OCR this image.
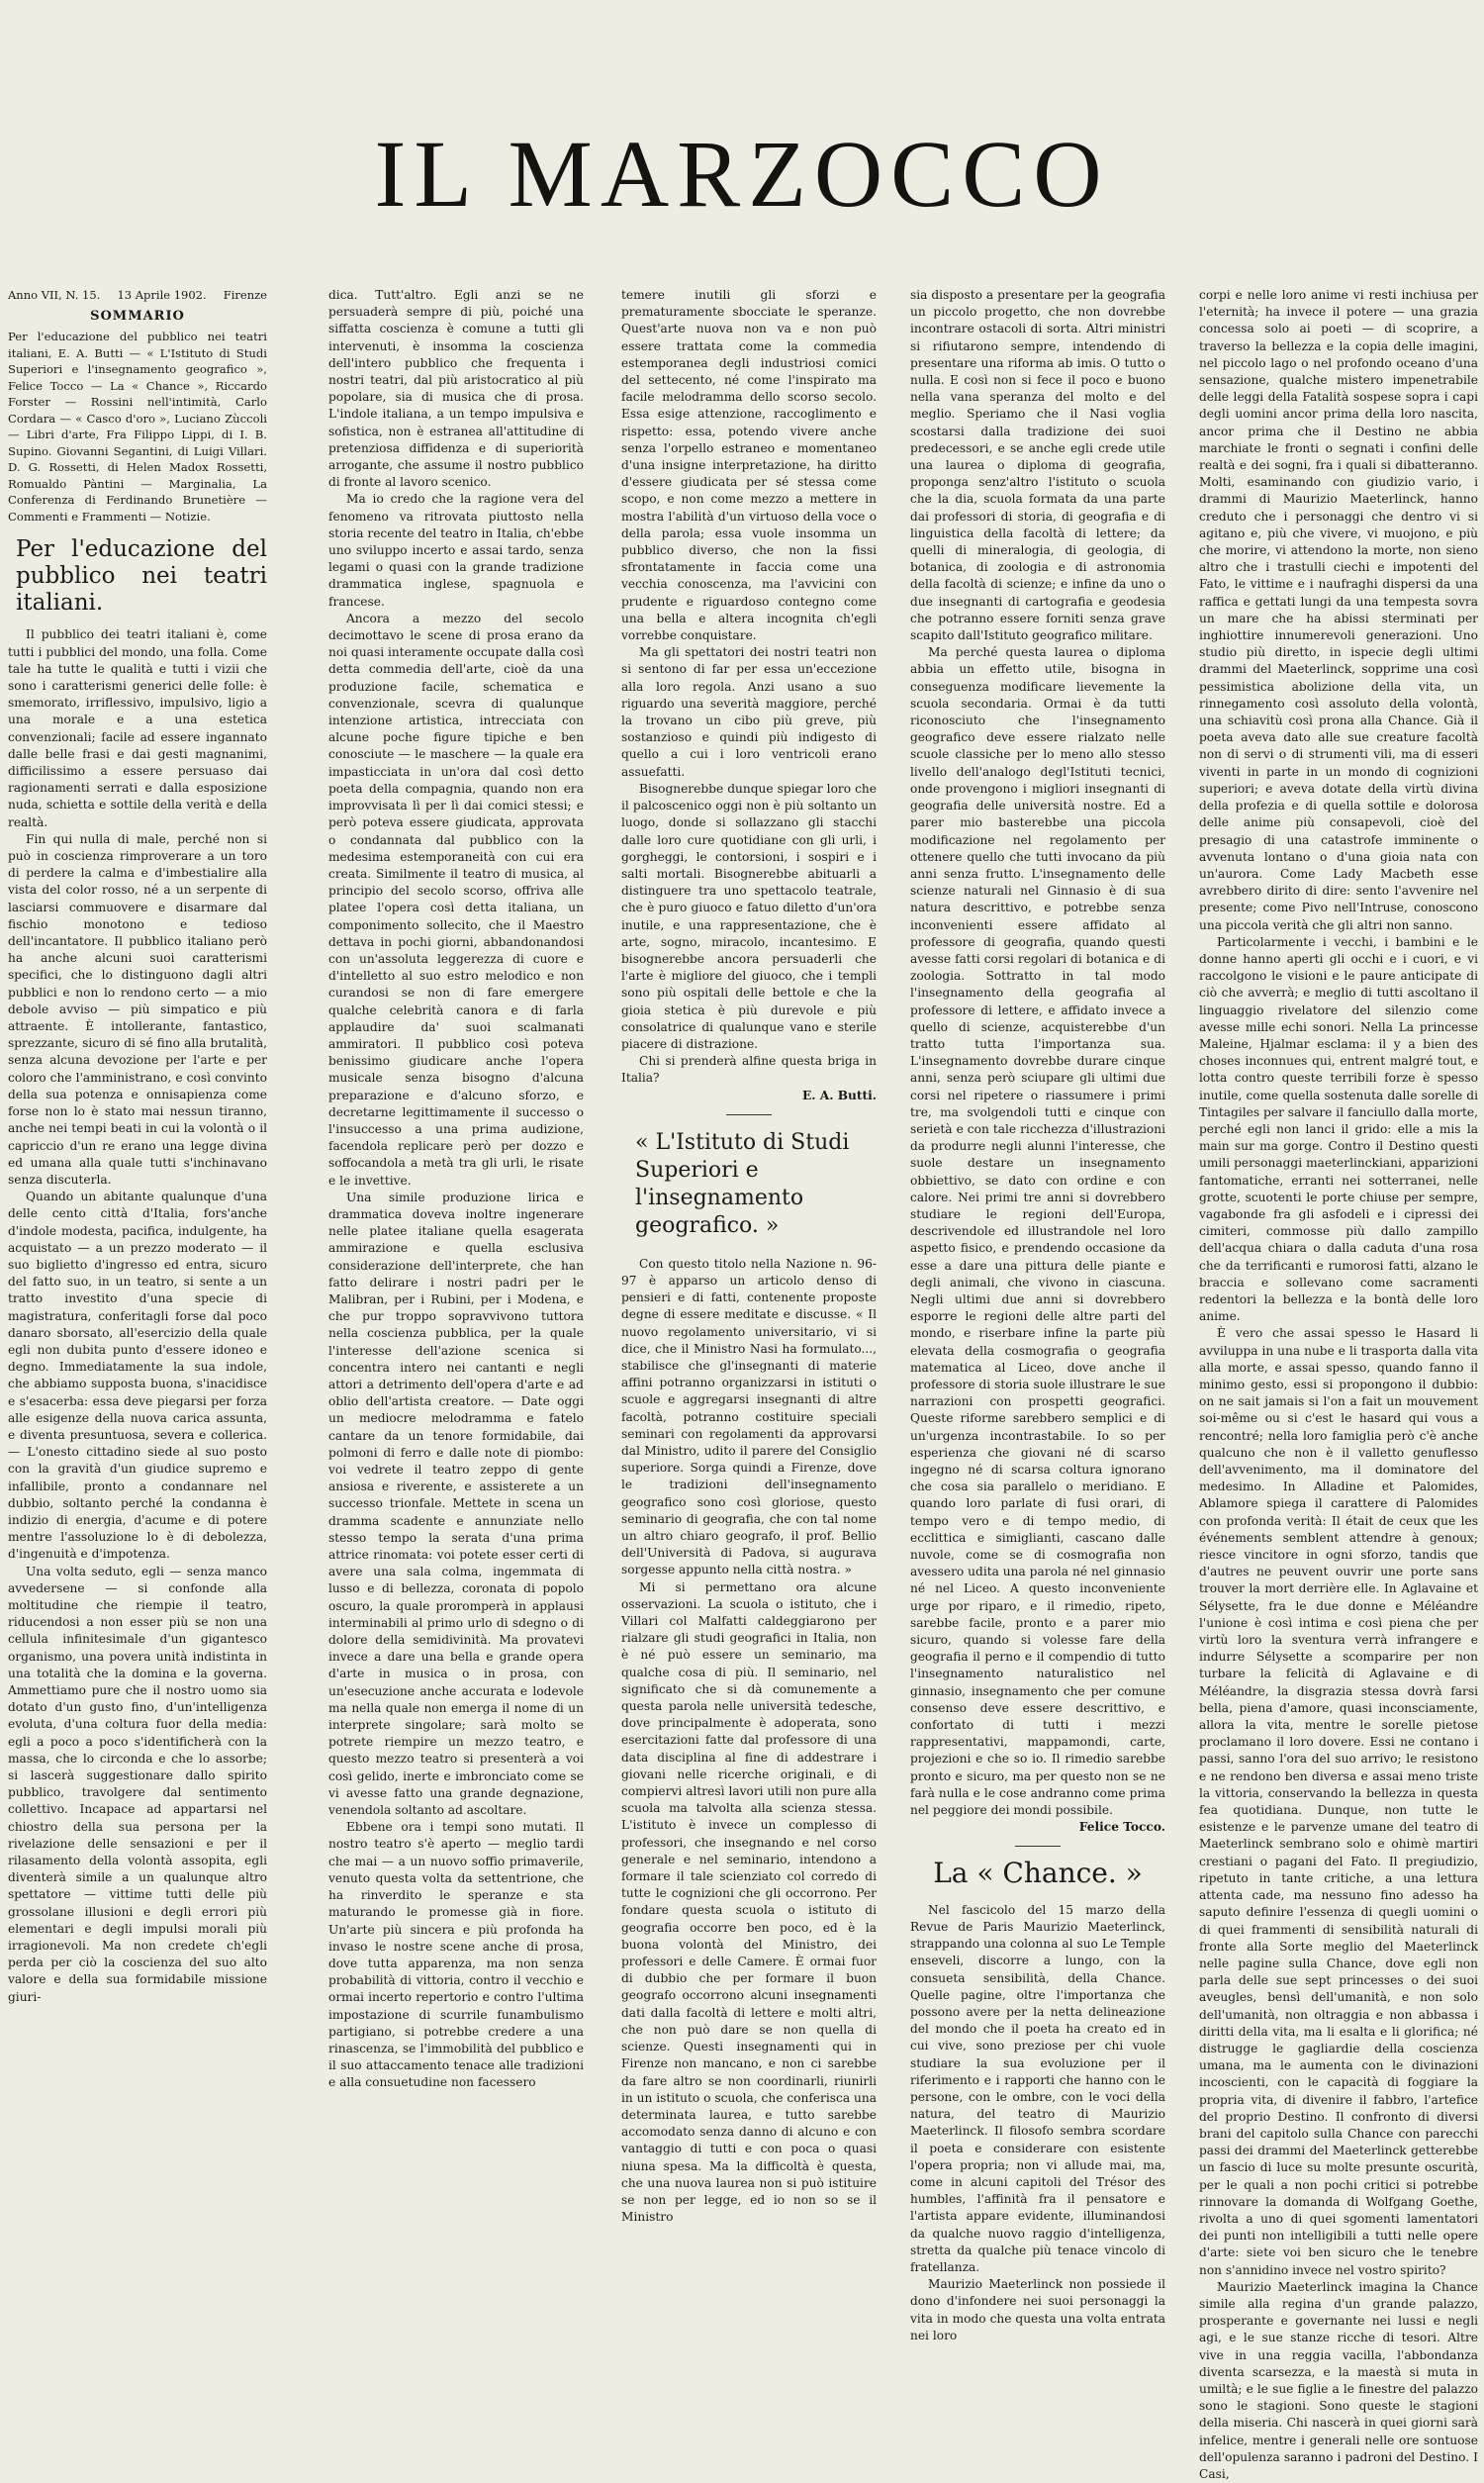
IL MARZOCCO
Anno VII, N. 15. 13 Aprile 1902. Firenze
SOMMARIO

Per l'educazione del pubblico nei teatri italiani, E. A. Butti — « L'Istituto di Studi Superiori e l'insegnamento geografico », Felice Tocco — La « Chance », Riccardo Forster — Rossini nell'intimità, Carlo Cordara — « Casco d'oro », Luciano Zùccoli — Libri d'arte, Fra Filippo Lippi, di I. B. Supino. Giovanni Segantini, di Luigi Villari. D. G. Rossetti, di Helen Madox Rossetti, Romualdo Pàntini — Marginalia, La Conferenza di Ferdinando Brunetière — Commenti e Frammenti — Notizie.

Per l'educazione del pubblico nei teatri italiani.

Il pubblico dei teatri italiani è, come tutti i pubblici del mondo, una folla. Come tale ha tutte le qualità e tutti i vizii che sono i caratterismi generici delle folle: è smemorato, irriflessivo, impulsivo, ligio a una morale e a una estetica convenzionali; facile ad essere ingannato dalle belle frasi e dai gesti magnanimi, difficilissimo a essere persuaso dai ragionamenti serrati e dalla esposizione nuda, schietta e sottile della verità e della realtà.

Fin qui nulla di male, perché non si può in coscienza rimproverare a un toro di perdere la calma e d'imbestialire alla vista del color rosso, né a un serpente di lasciarsi commuovere e disarmare dal fischio monotono e tedioso dell'incantatore. Il pubblico italiano però ha anche alcuni suoi caratterismi specifici, che lo distinguono dagli altri pubblici e non lo rendono certo — a mio debole avviso — più simpatico e più attraente. È intollerante, fantastico, sprezzante, sicuro di sé fino alla brutalità, senza alcuna devozione per l'arte e per coloro che l'amministrano, e così convinto della sua potenza e onnisapienza come forse non lo è stato mai nessun tiranno, anche nei tempi beati in cui la volontà o il capriccio d'un re erano una legge divina ed umana alla quale tutti s'inchinavano senza discuterla.

Quando un abitante qualunque d'una delle cento città d'Italia, fors'anche d'indole modesta, pacifica, indulgente, ha acquistato — a un prezzo moderato — il suo biglietto d'ingresso ed entra, sicuro del fatto suo, in un teatro, si sente a un tratto investito d'una specie di magistratura, conferitagli forse dal poco danaro sborsato, all'esercizio della quale egli non dubita punto d'essere idoneo e degno. Immediatamente la sua indole, che abbiamo supposta buona, s'inacidisce e s'esacerba: essa deve piegarsi per forza alle esigenze della nuova carica assunta, e diventa presuntuosa, severa e collerica. — L'onesto cittadino siede al suo posto con la gravità d'un giudice supremo e infallibile, pronto a condannare nel dubbio, soltanto perché la condanna è indizio di energia, d'acume e di potere mentre l'assoluzione lo è di debolezza, d'ingenuità e d'impotenza.

Una volta seduto, egli — senza manco avvedersene — si confonde alla moltitudine che riempie il teatro, riducendosi a non esser più se non una cellula infinitesimale d'un gigantesco organismo, una povera unità indistinta in una totalità che la domina e la governa. Ammettiamo pure che il nostro uomo sia dotato d'un gusto fino, d'un'intelligenza evoluta, d'una coltura fuor della media: egli a poco a poco s'identificherà con la massa, che lo circonda e che lo assorbe; si lascerà suggestionare dallo spirito pubblico, travolgere dal sentimento collettivo. Incapace ad appartarsi nel chiostro della sua persona per la rivelazione delle sensazioni e per il rilasamento della volontà assopita, egli diventerà simile a un qualunque altro spettatore — vittime tutti delle più grossolane illusioni e degli errori più elementari e degli impulsi morali più irragionevoli. Ma non credete ch'egli perda per ciò la coscienza del suo alto valore e della sua formidabile missione giuri-

dica. Tutt'altro. Egli anzi se ne persuaderà sempre di più, poiché una siffatta coscienza è comune a tutti gli intervenuti, è insomma la coscienza dell'intero pubblico che frequenta i nostri teatri, dal più aristocratico al più popolare, sia di musica che di prosa. L'indole italiana, a un tempo impulsiva e sofistica, non è estranea all'attitudine di pretenziosa diffidenza e di superiorità arrogante, che assume il nostro pubblico di fronte al lavoro scenico.

Ma io credo che la ragione vera del fenomeno va ritrovata piuttosto nella storia recente del teatro in Italia, ch'ebbe uno sviluppo incerto e assai tardo, senza legami o quasi con la grande tradizione drammatica inglese, spagnuola e francese.

Ancora a mezzo del secolo decimottavo le scene di prosa erano da noi quasi interamente occupate dalla così detta commedia dell'arte, cioè da una produzione facile, schematica e convenzionale, scevra di qualunque intenzione artistica, intrecciata con alcune poche figure tipiche e ben conosciute — le maschere — la quale era impasticciata in un'ora dal così detto poeta della compagnia, quando non era improvvisata lì per lì dai comici stessi; e però poteva essere giudicata, approvata o condannata dal pubblico con la medesima estemporaneità con cui era creata. Similmente il teatro di musica, al principio del secolo scorso, offriva alle platee l'opera così detta italiana, un componimento sollecito, che il Maestro dettava in pochi giorni, abbandonandosi con un'assoluta leggerezza di cuore e d'intelletto al suo estro melodico e non curandosi se non di fare emergere qualche celebrità canora e di farla applaudire da' suoi scalmanati ammiratori. Il pubblico così poteva benissimo giudicare anche l'opera musicale senza bisogno d'alcuna preparazione e d'alcuno sforzo, e decretarne legittimamente il successo o l'insuccesso a una prima audizione, facendola replicare però per dozzo e soffocandola a metà tra gli urli, le risate e le invettive.

Una simile produzione lirica e drammatica doveva inoltre ingenerare nelle platee italiane quella esagerata ammirazione e quella esclusiva considerazione dell'interprete, che han fatto delirare i nostri padri per le Malibran, per i Rubini, per i Modena, e che pur troppo sopravvivono tuttora nella coscienza pubblica, per la quale l'interesse dell'azione scenica si concentra intero nei cantanti e negli attori a detrimento dell'opera d'arte e ad oblio dell'artista creatore. — Date oggi un mediocre melodramma e fatelo cantare da un tenore formidabile, dai polmoni di ferro e dalle note di piombo: voi vedrete il teatro zeppo di gente ansiosa e riverente, e assisterete a un successo trionfale. Mettete in scena un dramma scadente e annunziate nello stesso tempo la serata d'una prima attrice rinomata: voi potete esser certi di avere una sala colma, ingemmata di lusso e di bellezza, coronata di popolo oscuro, la quale proromperà in applausi interminabili al primo urlo di sdegno o di dolore della semidivinità. Ma provatevi invece a dare una bella e grande opera d'arte in musica o in prosa, con un'esecuzione anche accurata e lodevole ma nella quale non emerga il nome di un interprete singolare; sarà molto se potrete riempire un mezzo teatro, e questo mezzo teatro si presenterà a voi così gelido, inerte e imbronciato come se vi avesse fatto una grande degnazione, venendola soltanto ad ascoltare.

Ebbene ora i tempi sono mutati. Il nostro teatro s'è aperto — meglio tardi che mai — a un nuovo soffio primaverile, venuto questa volta da settentrione, che ha rinverdito le speranze e sta maturando le promesse già in fiore. Un'arte più sincera e più profonda ha invaso le nostre scene anche di prosa, dove tutta apparenza, ma non senza probabilità di vittoria, contro il vecchio e ormai incerto repertorio e contro l'ultima impostazione di scurrile funambulismo partigiano, si potrebbe credere a una rinascenza, se l'immobilità del pubblico e il suo attaccamento tenace alle tradizioni e alla consuetudine non facessero

temere inutili gli sforzi e prematuramente sbocciate le speranze. Quest'arte nuova non va e non può essere trattata come la commedia estemporanea degli industriosi comici del settecento, né come l'inspirato ma facile melodramma dello scorso secolo. Essa esige attenzione, raccoglimento e rispetto: essa, potendo vivere anche senza l'orpello estraneo e momentaneo d'una insigne interpretazione, ha diritto d'essere giudicata per sé stessa come scopo, e non come mezzo a mettere in mostra l'abilità d'un virtuoso della voce o della parola; essa vuole insomma un pubblico diverso, che non la fissi sfrontatamente in faccia come una vecchia conoscenza, ma l'avvicini con prudente e riguardoso contegno come una bella e altera incognita ch'egli vorrebbe conquistare.

Ma gli spettatori dei nostri teatri non si sentono di far per essa un'eccezione alla loro regola. Anzi usano a suo riguardo una severità maggiore, perché la trovano un cibo più greve, più sostanzioso e quindi più indigesto di quello a cui i loro ventricoli erano assuefatti.

Bisognerebbe dunque spiegar loro che il palcoscenico oggi non è più soltanto un luogo, donde si sollazzano gli stacchi dalle loro cure quotidiane con gli urli, i gorgheggi, le contorsioni, i sospiri e i salti mortali. Bisognerebbe abituarli a distinguere tra uno spettacolo teatrale, che è puro giuoco e fatuo diletto d'un'ora inutile, e una rappresentazione, che è arte, sogno, miracolo, incantesimo. E bisognerebbe ancora persuaderli che l'arte è migliore del giuoco, che i templi sono più ospitali delle bettole e che la gioia stetica è più durevole e più consolatrice di qualunque vano e sterile piacere di distrazione.

Chi si prenderà alfine questa briga in Italia?

E. A. Butti.

« L'Istituto di Studi Superiori e l'insegnamento geografico. »

Con questo titolo nella Nazione n. 96-97 è apparso un articolo denso di pensieri e di fatti, contenente proposte degne di essere meditate e discusse. « Il nuovo regolamento universitario, vi si dice, che il Ministro Nasi ha formulato..., stabilisce che gl'insegnanti di materie affini potranno organizzarsi in istituti o scuole e aggregarsi insegnanti di altre facoltà, potranno costituire speciali seminari con regolamenti da approvarsi dal Ministro, udito il parere del Consiglio superiore. Sorga quindi a Firenze, dove le tradizioni dell'insegnamento geografico sono così gloriose, questo seminario di geografia, che con tal nome un altro chiaro geografo, il prof. Bellio dell'Università di Padova, si augurava sorgesse appunto nella città nostra. »

Mi si permettano ora alcune osservazioni. La scuola o istituto, che i Villari col Malfatti caldeggiarono per rialzare gli studi geografici in Italia, non è né può essere un seminario, ma qualche cosa di più. Il seminario, nel significato che si dà comunemente a questa parola nelle università tedesche, dove principalmente è adoperata, sono esercitazioni fatte dal professore di una data disciplina al fine di addestrare i giovani nelle ricerche originali, e di compiervi altresì lavori utili non pure alla scuola ma talvolta alla scienza stessa. L'istituto è invece un complesso di professori, che insegnando e nel corso generale e nel seminario, intendono a formare il tale scienziato col corredo di tutte le cognizioni che gli occorrono. Per fondare questa scuola o istituto di geografia occorre ben poco, ed è la buona volontà del Ministro, dei professori e delle Camere. È ormai fuor di dubbio che per formare il buon geografo occorrono alcuni insegnamenti dati dalla facoltà di lettere e molti altri, che non può dare se non quella di scienze. Questi insegnamenti qui in Firenze non mancano, e non ci sarebbe da fare altro se non coordinarli, riunirli in un istituto o scuola, che conferisca una determinata laurea, e tutto sarebbe accomodato senza danno di alcuno e con vantaggio di tutti e con poca o quasi niuna spesa. Ma la difficoltà è questa, che una nuova laurea non si può istituire se non per legge, ed io non so se il Ministro

sia disposto a presentare per la geografia un piccolo progetto, che non dovrebbe incontrare ostacoli di sorta. Altri ministri si rifiutarono sempre, intendendo di presentare una riforma ab imis. O tutto o nulla. E così non si fece il poco e buono nella vana speranza del molto e del meglio. Speriamo che il Nasi voglia scostarsi dalla tradizione dei suoi predecessori, e se anche egli crede utile una laurea o diploma di geografia, proponga senz'altro l'istituto o scuola che la dia, scuola formata da una parte dai professori di storia, di geografia e di linguistica della facoltà di lettere; da quelli di mineralogia, di geologia, di botanica, di zoologia e di astronomia della facoltà di scienze; e infine da uno o due insegnanti di cartografia e geodesia che potranno essere forniti senza grave scapito dall'Istituto geografico militare.

Ma perché questa laurea o diploma abbia un effetto utile, bisogna in conseguenza modificare lievemente la scuola secondaria. Ormai è da tutti riconosciuto che l'insegnamento geografico deve essere rialzato nelle scuole classiche per lo meno allo stesso livello dell'analogo degl'Istituti tecnici, onde provengono i migliori insegnanti di geografia delle università nostre. Ed a parer mio basterebbe una piccola modificazione nel regolamento per ottenere quello che tutti invocano da più anni senza frutto. L'insegnamento delle scienze naturali nel Ginnasio è di sua natura descrittivo, e potrebbe senza inconvenienti essere affidato al professore di geografia, quando questi avesse fatti corsi regolari di botanica e di zoologia. Sottratto in tal modo l'insegnamento della geografia al professore di lettere, e affidato invece a quello di scienze, acquisterebbe d'un tratto tutta l'importanza sua. L'insegnamento dovrebbe durare cinque anni, senza però sciupare gli ultimi due corsi nel ripetere o riassumere i primi tre, ma svolgendoli tutti e cinque con serietà e con tale ricchezza d'illustrazioni da produrre negli alunni l'interesse, che suole destare un insegnamento obbiettivo, se dato con ordine e con calore. Nei primi tre anni si dovrebbero studiare le regioni dell'Europa, descrivendole ed illustrandole nel loro aspetto fisico, e prendendo occasione da esse a dare una pittura delle piante e degli animali, che vivono in ciascuna. Negli ultimi due anni si dovrebbero esporre le regioni delle altre parti del mondo, e riserbare infine la parte più elevata della cosmografia o geografia matematica al Liceo, dove anche il professore di storia suole illustrare le sue narrazioni con prospetti geografici. Queste riforme sarebbero semplici e di un'urgenza incontrastabile. Io so per esperienza che giovani né di scarso ingegno né di scarsa coltura ignorano che cosa sia parallelo o meridiano. E quando loro parlate di fusi orari, di tempo vero e di tempo medio, di ecclittica e simiglianti, cascano dalle nuvole, come se di cosmografia non avessero udita una parola né nel ginnasio né nel Liceo. A questo inconveniente urge por riparo, e il rimedio, ripeto, sarebbe facile, pronto e a parer mio sicuro, quando si volesse fare della geografia il perno e il compendio di tutto l'insegnamento naturalistico nel ginnasio, insegnamento che per comune consenso deve essere descrittivo, e confortato di tutti i mezzi rappresentativi, mappamondi, carte, projezioni e che so io. Il rimedio sarebbe pronto e sicuro, ma per questo non se ne farà nulla e le cose andranno come prima nel peggiore dei mondi possibile.

Felice Tocco.

La « Chance. »

Nel fascicolo del 15 marzo della Revue de Paris Maurizio Maeterlinck, strappando una colonna al suo Le Temple enseveli, discorre a lungo, con la consueta sensibilità, della Chance. Quelle pagine, oltre l'importanza che possono avere per la netta delineazione del mondo che il poeta ha creato ed in cui vive, sono preziose per chi vuole studiare la sua evoluzione per il riferimento e i rapporti che hanno con le persone, con le ombre, con le voci della natura, del teatro di Maurizio Maeterlinck. Il filosofo sembra scordare il poeta e considerare con esistente l'opera propria; non vi allude mai, ma, come in alcuni capitoli del Trésor des humbles, l'affinità fra il pensatore e l'artista appare evidente, illuminandosi da qualche nuovo raggio d'intelligenza, stretta da qualche più tenace vincolo di fratellanza.

Maurizio Maeterlinck non possiede il dono d'infondere nei suoi personaggi la vita in modo che questa una volta entrata nei loro

corpi e nelle loro anime vi resti inchiusa per l'eternità; ha invece il potere — una grazia concessa solo ai poeti — di scoprire, a traverso la bellezza e la copia delle imagini, nel piccolo lago o nel profondo oceano d'una sensazione, qualche mistero impenetrabile delle leggi della Fatalità sospese sopra i capi degli uomini ancor prima della loro nascita, ancor prima che il Destino ne abbia marchiate le fronti o segnati i confini delle realtà e dei sogni, fra i quali si dibatteranno. Molti, esaminando con giudizio vario, i drammi di Maurizio Maeterlinck, hanno creduto che i personaggi che dentro vi si agitano e, più che vivere, vi muojono, e più che morire, vi attendono la morte, non sieno altro che i trastulli ciechi e impotenti del Fato, le vittime e i naufraghi dispersi da una raffica e gettati lungi da una tempesta sovra un mare che ha abissi sterminati per inghiottire innumerevoli generazioni. Uno studio più diretto, in ispecie degli ultimi drammi del Maeterlinck, sopprime una così pessimistica abolizione della vita, un rinnegamento così assoluto della volontà, una schiavitù così prona alla Chance. Già il poeta aveva dato alle sue creature facoltà non di servi o di strumenti vili, ma di esseri viventi in parte in un mondo di cognizioni superiori; e aveva dotate della virtù divina della profezia e di quella sottile e dolorosa delle anime più consapevoli, cioè del presagio di una catastrofe imminente o avvenuta lontano o d'una gioia nata con un'aurora. Come Lady Macbeth esse avrebbero dirito di dire: sento l'avvenire nel presente; come Pivo nell'Intruse, conoscono una piccola verità che gli altri non sanno.

Particolarmente i vecchi, i bambini e le donne hanno aperti gli occhi e i cuori, e vi raccolgono le visioni e le paure anticipate di ciò che avverrà; e meglio di tutti ascoltano il linguaggio rivelatore del silenzio come avesse mille echi sonori. Nella La princesse Maleine, Hjalmar esclama: il y a bien des choses inconnues qui, entrent malgré tout, e lotta contro queste terribili forze è spesso inutile, come quella sostenuta dalle sorelle di Tintagiles per salvare il fanciullo dalla morte, perché egli non lanci il grido: elle a mis la main sur ma gorge. Contro il Destino questi umili personaggi maeterlinckiani, apparizioni fantomatiche, erranti nei sotterranei, nelle grotte, scuotenti le porte chiuse per sempre, vagabonde fra gli asfodeli e i cipressi dei cimiteri, commosse più dallo zampillo dell'acqua chiara o dalla caduta d'una rosa che da terrificanti e rumorosi fatti, alzano le braccia e sollevano come sacramenti redentori la bellezza e la bontà delle loro anime.

È vero che assai spesso le Hasard li avviluppa in una nube e li trasporta dalla vita alla morte, e assai spesso, quando fanno il minimo gesto, essi si propongono il dubbio: on ne sait jamais si l'on a fait un mouvement soi-même ou si c'est le hasard qui vous a rencontré; nella loro famiglia però c'è anche qualcuno che non è il valletto genuflesso dell'avvenimento, ma il dominatore del medesimo. In Alladine et Palomides, Ablamore spiega il carattere di Palomides con profonda verità: Il était de ceux que les événements semblent attendre à genoux; riesce vincitore in ogni sforzo, tandis que d'autres ne peuvent ouvrir une porte sans trouver la mort derrière elle. In Aglavaine et Sélysette, fra le due donne e Méléandre l'unione è così intima e così piena che per virtù loro la sventura verrà infrangere e indurre Sélysette a scomparire per non turbare la felicità di Aglavaine e di Méléandre, la disgrazia stessa dovrà farsi bella, piena d'amore, quasi inconsciamente, allora la vita, mentre le sorelle pietose proclamano il loro dovere. Essi ne contano i passi, sanno l'ora del suo arrivo; le resistono e ne rendono ben diversa e assai meno triste la vittoria, conservando la bellezza in questa fea quotidiana. Dunque, non tutte le esistenze e le parvenze umane del teatro di Maeterlinck sembrano solo e ohimè martiri crestiani o pagani del Fato. Il pregiudizio, ripetuto in tante critiche, a una lettura attenta cade, ma nessuno fino adesso ha saputo definire l'essenza di quegli uomini o di quei frammenti di sensibilità naturali di fronte alla Sorte meglio del Maeterlinck nelle pagine sulla Chance, dove egli non parla delle sue sept princesses o dei suoi aveugles, bensì dell'umanità, e non solo dell'umanità, non oltraggia e non abbassa i diritti della vita, ma li esalta e li glorifica; né distrugge le gagliardie della coscienza umana, ma le aumenta con le divinazioni incoscienti, con le capacità di foggiare la propria vita, di divenire il fabbro, l'artefice del proprio Destino. Il confronto di diversi brani del capitolo sulla Chance con parecchi passi dei drammi del Maeterlinck getterebbe un fascio di luce su molte presunte oscurità, per le quali a non pochi critici si potrebbe rinnovare la domanda di Wolfgang Goethe, rivolta a uno di quei sgomenti lamentatori dei punti non intelligibili a tutti nelle opere d'arte: siete voi ben sicuro che le tenebre non s'annidino invece nel vostro spirito?

Maurizio Maeterlinck imagina la Chance simile alla regina d'un grande palazzo, prosperante e governante nei lussi e negli agi, e le sue stanze ricche di tesori. Altre vive in una reggia vacilla, l'abbondanza diventa scarsezza, e la maestà si muta in umiltà; e le sue figlie a le finestre del palazzo sono le stagioni. Sono queste le stagioni della miseria. Chi nascerà in quei giorni sarà infelice, mentre i generali nelle ore sontuose dell'opulenza saranno i padroni del Destino. I Casi,
